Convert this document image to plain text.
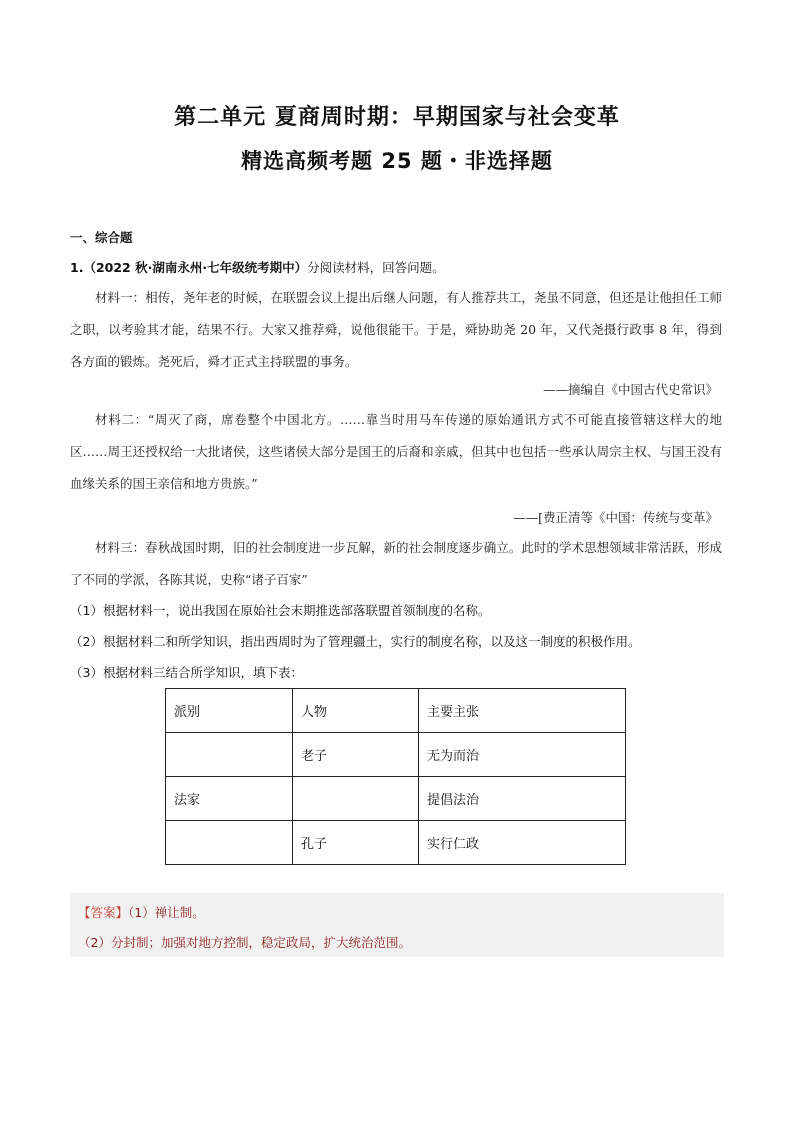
第二单元 夏商周时期：早期国家与社会变革
精选高频考题 25 题・非选择题
一、综合题
1.（2022 秋·湖南永州·七年级统考期中）分阅读材料，回答问题。
材料一：相传，尧年老的时候，在联盟会议上提出后继人问题，有人推荐共工，尧虽不同意，但还是让他担任工师之职，以考验其才能，结果不行。大家又推荐舜，说他很能干。于是，舜协助尧 20 年，又代尧摄行政事 8 年，得到各方面的锻炼。尧死后，舜才正式主持联盟的事务。
——摘编自《中国古代史常识》
材料二：“周灭了商，席卷整个中国北方。……靠当时用马车传递的原始通讯方式不可能直接管辖这样大的地区……周王还授权给一大批诸侯，这些诸侯大部分是国王的后裔和亲戚，但其中也包括一些承认周宗主权、与国王没有血缘关系的国王亲信和地方贵族。”
——[费正清等《中国：传统与变革》
材料三：春秋战国时期，旧的社会制度进一步瓦解，新的社会制度逐步确立。此时的学术思想领域非常活跃，形成了不同的学派，各陈其说，史称“诸子百家”
（1）根据材料一，说出我国在原始社会末期推选部落联盟首领制度的名称。
（2）根据材料二和所学知识，指出西周时为了管理疆土，实行的制度名称，以及这一制度的积极作用。
（3）根据材料三结合所学知识，填下表：
派别	人物	主要主张
	老子	无为而治
法家		提倡法治
	孔子	实行仁政
【答案】（1）禅让制。
（2）分封制；加强对地方控制，稳定政局，扩大统治范围。
